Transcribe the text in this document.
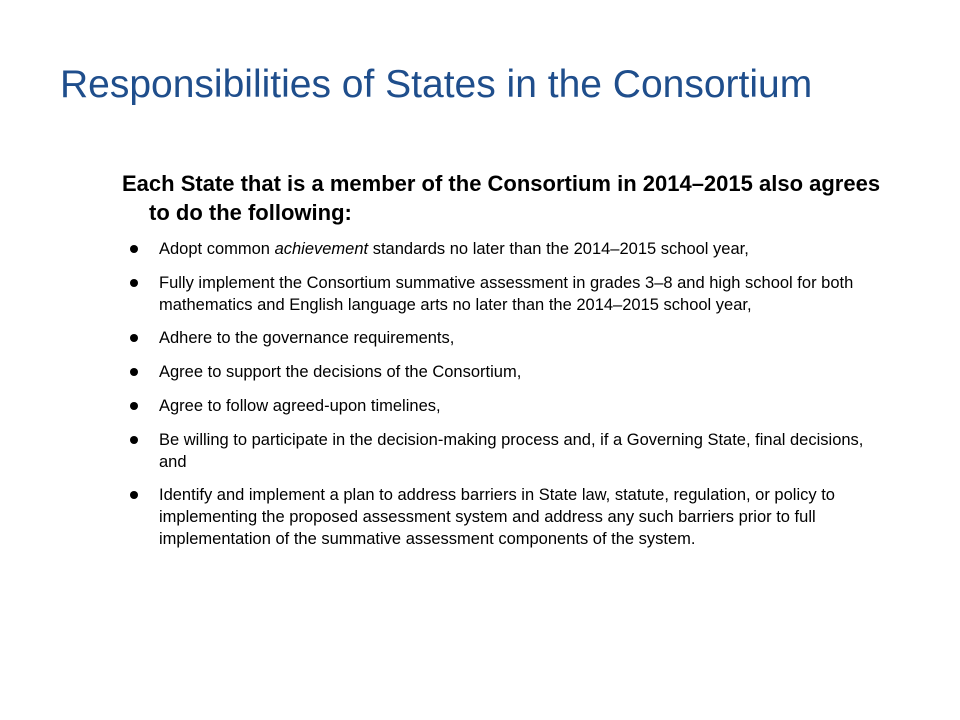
Responsibilities of States in the Consortium

Each State that is a member of the Consortium in 2014–2015 also agrees to do the following:

Adopt common achievement standards no later than the 2014–2015 school year,
Fully implement the Consortium summative assessment in grades 3–8 and high school for both mathematics and English language arts no later than the 2014–2015 school year,
Adhere to the governance requirements,
Agree to support the decisions of the Consortium,
Agree to follow agreed-upon timelines,
Be willing to participate in the decision-making process and, if a Governing State, final decisions, and
Identify and implement a plan to address barriers in State law, statute, regulation, or policy to implementing the proposed assessment system and address any such barriers prior to full implementation of the summative assessment components of the system.
